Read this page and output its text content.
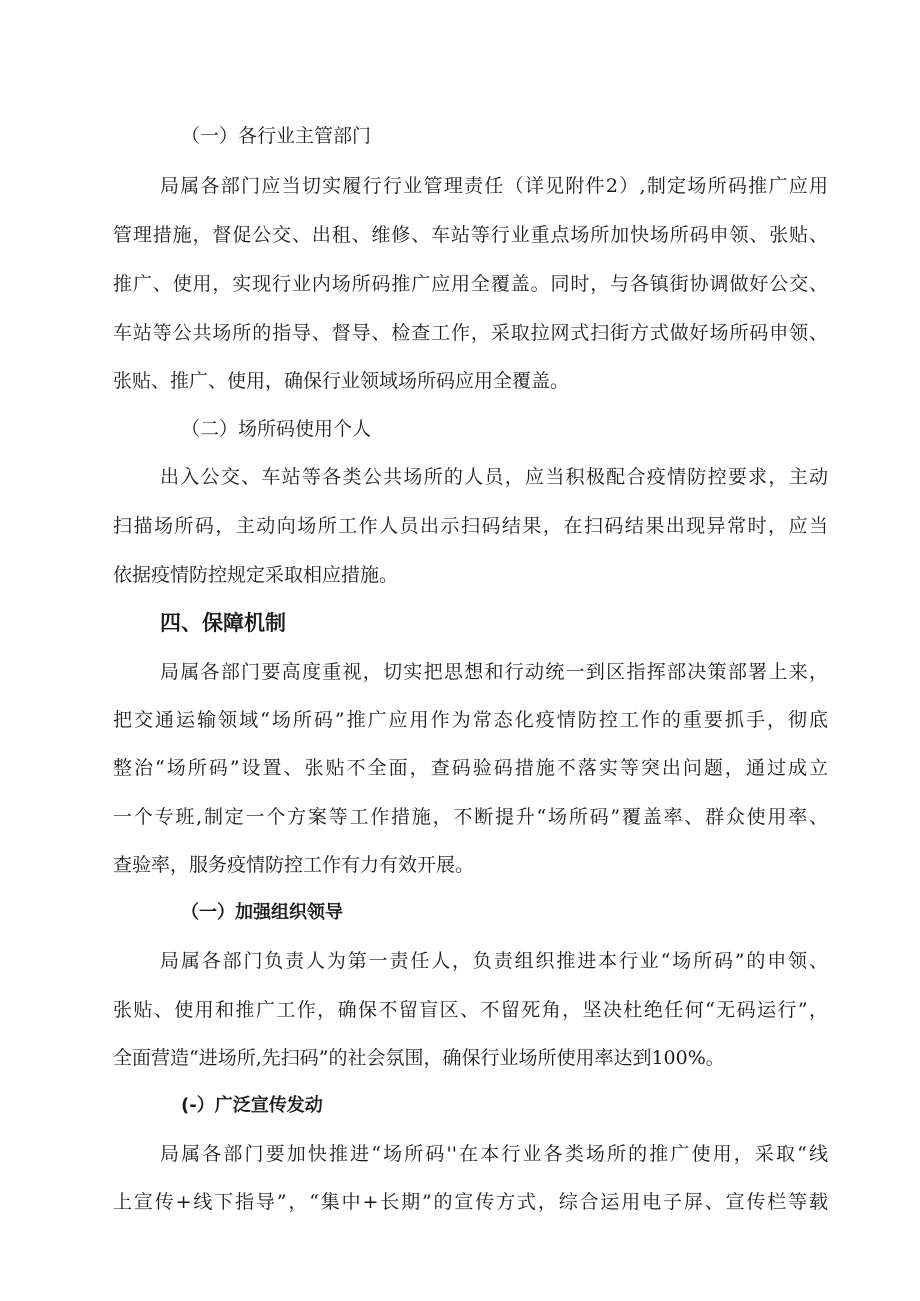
（一）各行业主管部门
局属各部门应当切实履行行业管理责任（详见附件2）,制定场所码推广应用
管理措施，督促公交、出租、维修、车站等行业重点场所加快场所码申领、张贴、
推广、使用，实现行业内场所码推广应用全覆盖。同时，与各镇街协调做好公交、
车站等公共场所的指导、督导、检查工作，采取拉网式扫街方式做好场所码申领、
张贴、推广、使用，确保行业领域场所码应用全覆盖。
（二）场所码使用个人
出入公交、车站等各类公共场所的人员，应当积极配合疫情防控要求，主动
扫描场所码，主动向场所工作人员出示扫码结果，在扫码结果出现异常时，应当
依据疫情防控规定采取相应措施。
四、保障机制
局属各部门要高度重视，切实把思想和行动统一到区指挥部决策部署上来，
把交通运输领域“场所码”推广应用作为常态化疫情防控工作的重要抓手，彻底
整治“场所码”设置、张贴不全面，查码验码措施不落实等突出问题，通过成立
一个专班,制定一个方案等工作措施，不断提升“场所码”覆盖率、群众使用率、
查验率，服务疫情防控工作有力有效开展。
（一）加强组织领导
局属各部门负责人为第一责任人，负责组织推进本行业“场所码”的申领、
张贴、使用和推广工作，确保不留盲区、不留死角，坚决杜绝任何“无码运行”，
全面营造“进场所,先扫码”的社会氛围，确保行业场所使用率达到100%。
(-）广泛宣传发动
局属各部门要加快推进“场所码''在本行业各类场所的推广使用，采取“线
上宣传+线下指导”，“集中+长期”的宣传方式，综合运用电子屏、宣传栏等载
